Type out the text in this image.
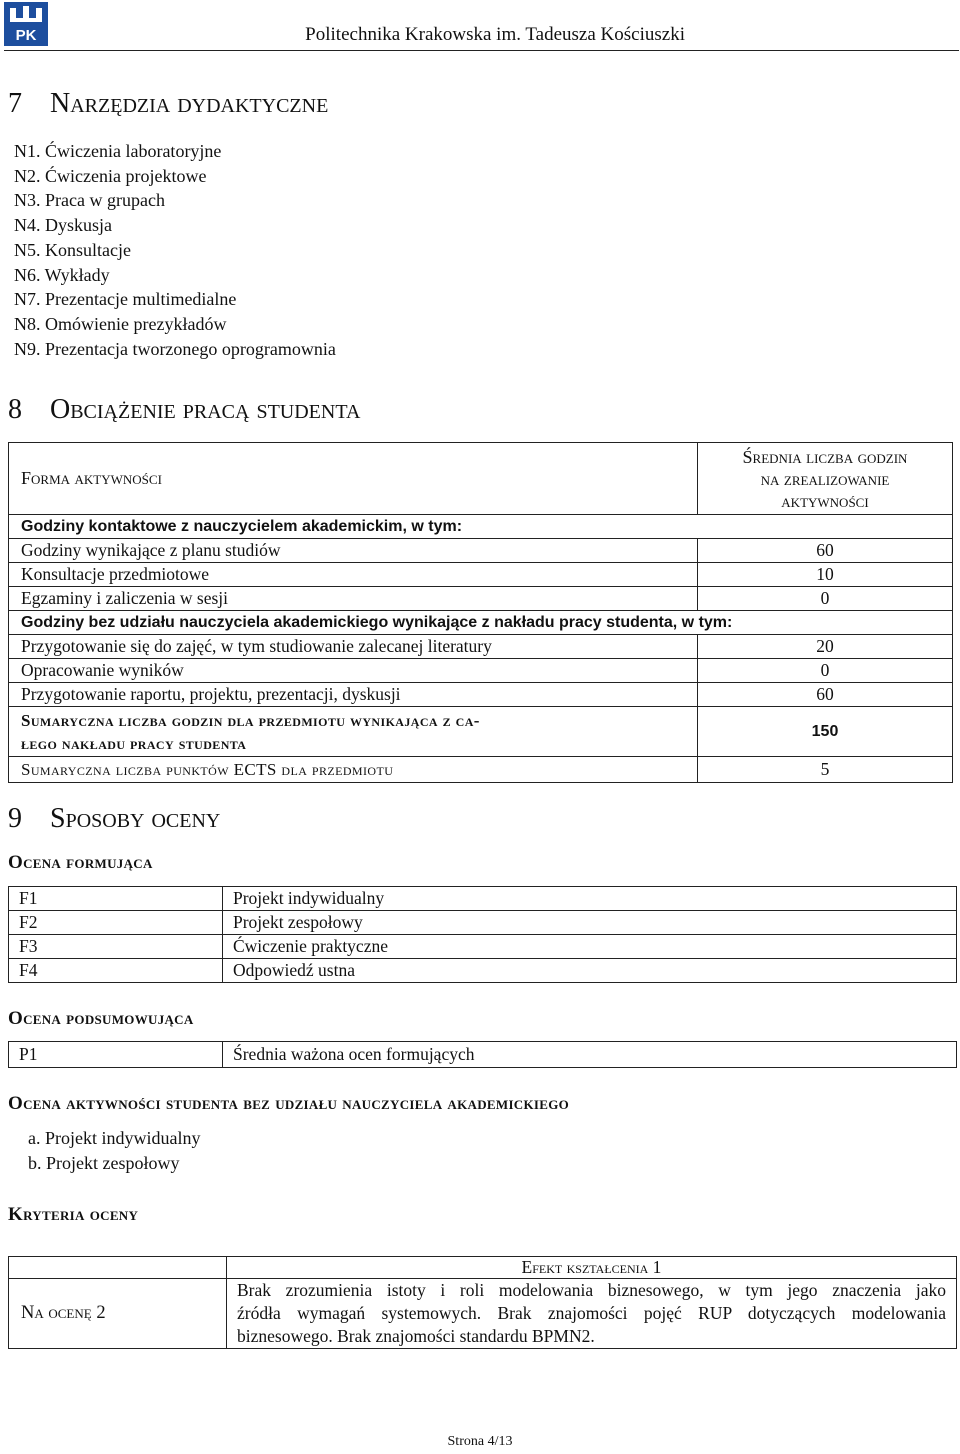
PK	Politechnika Krakowska im. Tadeusza Kościuszki
7 Narzędzia dydaktyczne
N1. Ćwiczenia laboratoryjne
N2. Ćwiczenia projektowe
N3. Praca w grupach
N4. Dyskusja
N5. Konsultacje
N6. Wykłady
N7. Prezentacje multimedialne
N8. Omówienie prezykładów
N9. Prezentacja tworzonego oprogramownia
8 Obciążenie pracą studenta
Forma aktywności	Średnia liczba godzin
na zrealizowanie
aktywności

Godziny kontaktowe z nauczycielem akademickim, w tym:	
Godziny wynikające z planu studiów	60
Konsultacje przedmiotowe	10
Egzaminy i zaliczenia w sesji	0
Godziny bez udziału nauczyciela akademickiego wynikające z nakładu pracy studenta, w tym:	
Przygotowanie się do zajęć, w tym studiowanie zalecanej literatury	20
Opracowanie wyników	0
Przygotowanie raportu, projektu, prezentacji, dyskusji	60

Sumaryczna liczba godzin dla przedmiotu wynikająca z ca-
łego nakładu pracy studenta	150
Sumaryczna liczba punktów ECTS dla przedmiotu	5
9 Sposoby oceny
Ocena formująca
F1	Projekt indywidualny
F2	Projekt zespołowy
F3	Ćwiczenie praktyczne
F4	Odpowiedź ustna
Ocena podsumowująca
P1	Średnia ważona ocen formujących
Ocena aktywności studenta bez udziału nauczyciela akademickiego
a. Projekt indywidualny
b. Projekt zespołowy
Kryteria oceny
	Efekt kształcenia 1
Na ocenę 2	Brak zrozumienia istoty i roli modelowania biznesowego, w tym jego znaczenia jako
źródła wymagań systemowych. Brak znajomości pojęć RUP dotyczących modelowania
biznesowego. Brak znajomości standardu BPMN2.
Strona 4/13
